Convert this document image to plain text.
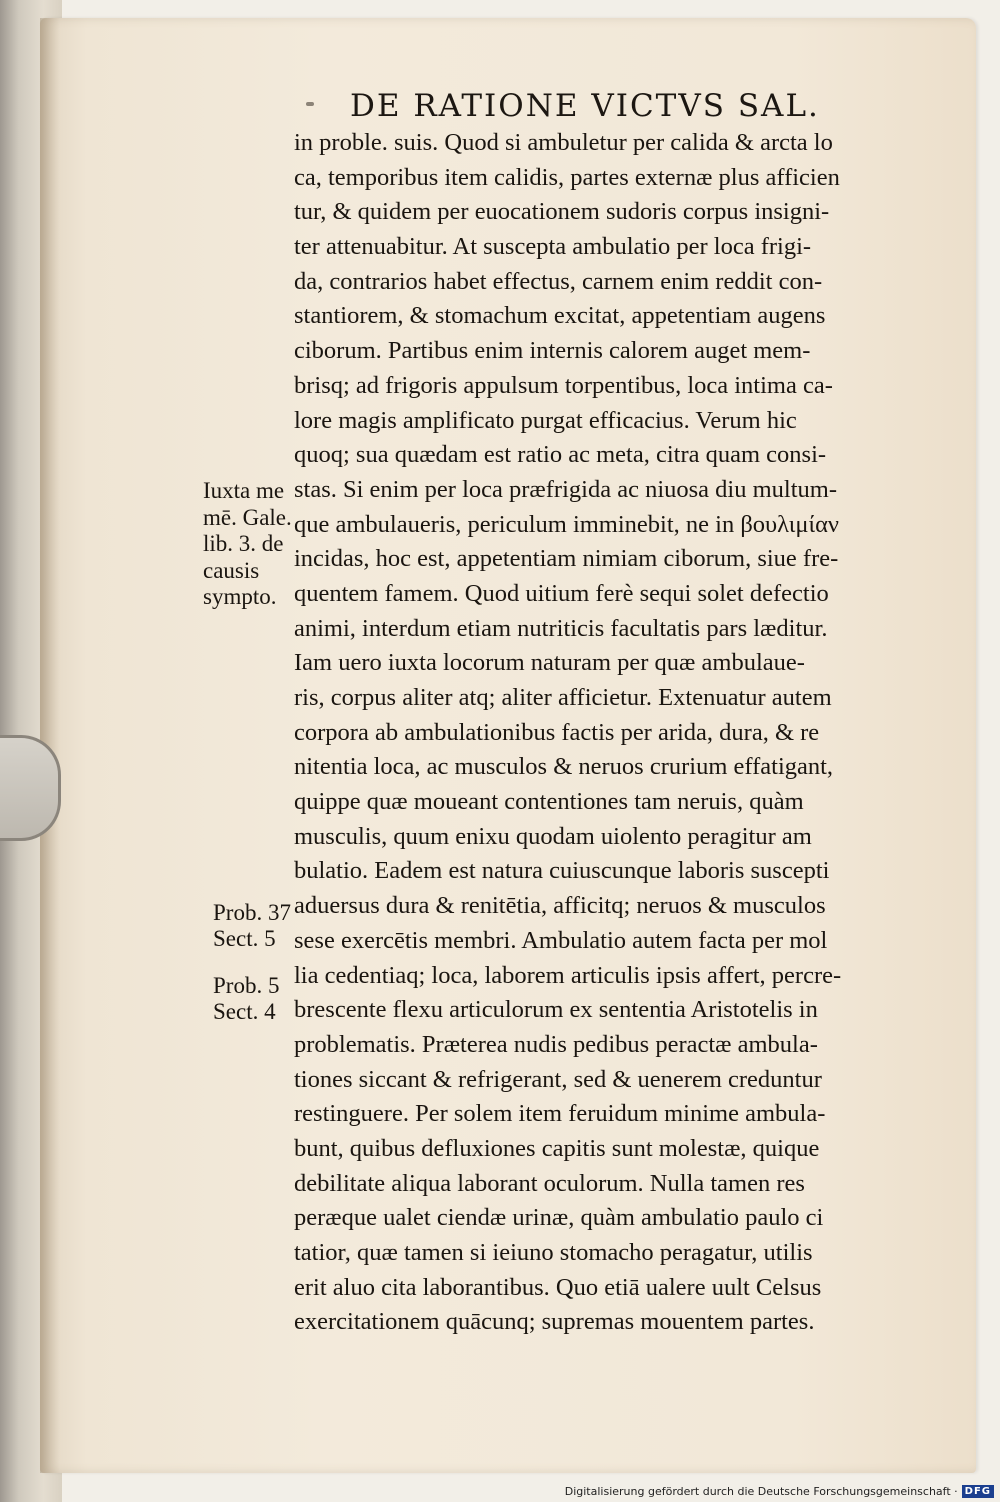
DE RATIONE VICTVS SAL.
in proble. suis. Quod si ambuletur per calida & arcta lo
ca, temporibus item calidis, partes externæ plus afficien
tur, & quidem per euocationem sudoris corpus insigni-
ter attenuabitur. At suscepta ambulatio per loca frigi-
da, contrarios habet effectus, carnem enim reddit con-
stantiorem, & stomachum excitat, appetentiam augens
ciborum. Partibus enim internis calorem auget mem-
brisq; ad frigoris appulsum torpentibus, loca intima ca-
lore magis amplificato purgat efficacius. Verum hic
quoq; sua quædam est ratio ac meta, citra quam consi-
stas. Si enim per loca præfrigida ac niuosa diu multum-
que ambulaueris, periculum imminebit, ne in βουλιμίαν
incidas, hoc est, appetentiam nimiam ciborum, siue fre-
quentem famem. Quod uitium ferè sequi solet defectio
animi, interdum etiam nutriticis facultatis pars læditur.
Iam uero iuxta locorum naturam per quæ ambulaue-
ris, corpus aliter atq; aliter afficietur. Extenuatur autem
corpora ab ambulationibus factis per arida, dura, & re
nitentia loca, ac musculos & neruos crurium effatigant,
quippe quæ moueant contentiones tam neruis, quàm
musculis, quum enixu quodam uiolento peragitur am
bulatio. Eadem est natura cuiuscunque laboris suscepti
aduersus dura & renitētia, afficitq; neruos & musculos
sese exercētis membri. Ambulatio autem facta per mol
lia cedentiaq; loca, laborem articulis ipsis affert, percre-
brescente flexu articulorum ex sententia Aristotelis in
problematis. Præterea nudis pedibus peractæ ambula-
tiones siccant & refrigerant, sed & uenerem creduntur
restinguere. Per solem item feruidum minime ambula-
bunt, quibus defluxiones capitis sunt molestæ, quique
debilitate aliqua laborant oculorum. Nulla tamen res
peræque ualet ciendæ urinæ, quàm ambulatio paulo ci
tatior, quæ tamen si ieiuno stomacho peragatur, utilis
erit aluo cita laborantibus. Quo etiā ualere uult Celsus
exercitationem quācunq; supremas mouentem partes.
Iuxta me
mē. Gale.
lib. 3. de
causis
sympto.
Prob. 37
Sect. 5
Prob. 5
Sect. 4
Digitalisierung gefördert durch die Deutsche Forschungsgemeinschaft · DFG
